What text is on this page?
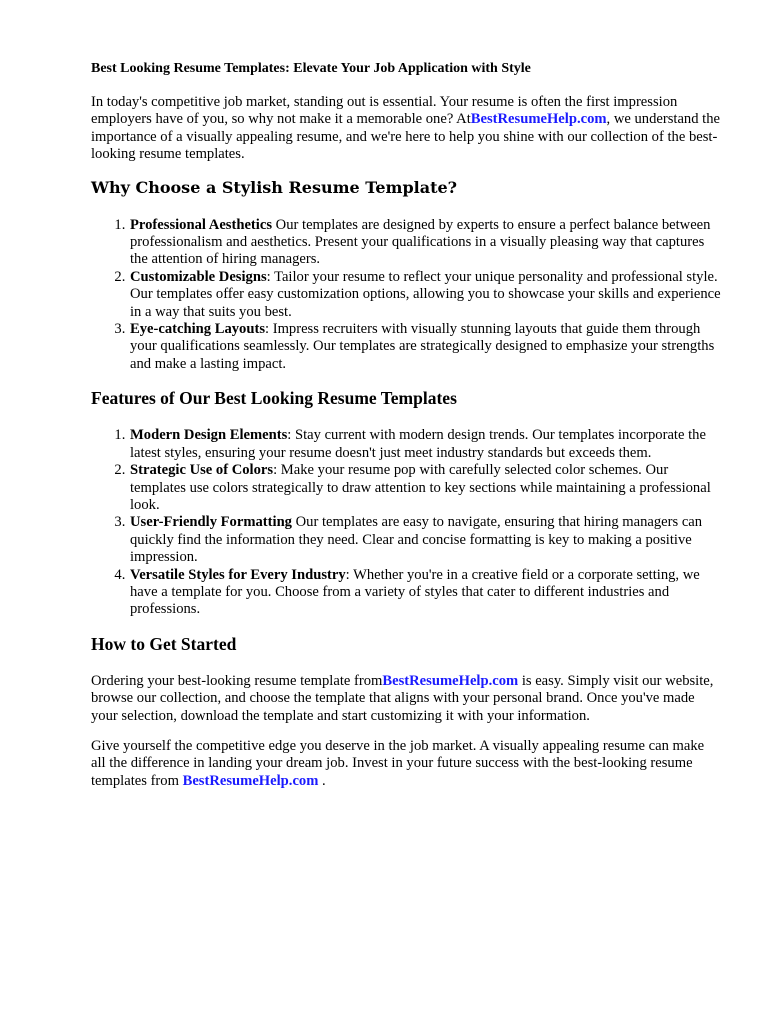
Best Looking Resume Templates: Elevate Your Job Application with Style

In today's competitive job market, standing out is essential. Your resume is often the first impression employers have of you, so why not make it a memorable one? AtBestResumeHelp.com, we understand the importance of a visually appealing resume, and we're here to help you shine with our collection of the best-looking resume templates.

Why Choose a Stylish Resume Template?
1. Professional Aesthetics Our templates are designed by experts to ensure a perfect balance between professionalism and aesthetics. Present your qualifications in a visually pleasing way that captures the attention of hiring managers.
2. Customizable Designs: Tailor your resume to reflect your unique personality and professional style. Our templates offer easy customization options, allowing you to showcase your skills and experience in a way that suits you best.
3. Eye-catching Layouts: Impress recruiters with visually stunning layouts that guide them through your qualifications seamlessly. Our templates are strategically designed to emphasize your strengths and make a lasting impact.
Features of Our Best Looking Resume Templates
1. Modern Design Elements: Stay current with modern design trends. Our templates incorporate the latest styles, ensuring your resume doesn't just meet industry standards but exceeds them.
2. Strategic Use of Colors: Make your resume pop with carefully selected color schemes. Our templates use colors strategically to draw attention to key sections while maintaining a professional look.
3. User-Friendly Formatting Our templates are easy to navigate, ensuring that hiring managers can quickly find the information they need. Clear and concise formatting is key to making a positive impression.
4. Versatile Styles for Every Industry: Whether you're in a creative field or a corporate setting, we have a template for you. Choose from a variety of styles that cater to different industries and professions.
How to Get Started

Ordering your best-looking resume template fromBestResumeHelp.com is easy. Simply visit our website, browse our collection, and choose the template that aligns with your personal brand. Once you've made your selection, download the template and start customizing it with your information.

Give yourself the competitive edge you deserve in the job market. A visually appealing resume can make all the difference in landing your dream job. Invest in your future success with the best-looking resume templates from BestResumeHelp.com .
